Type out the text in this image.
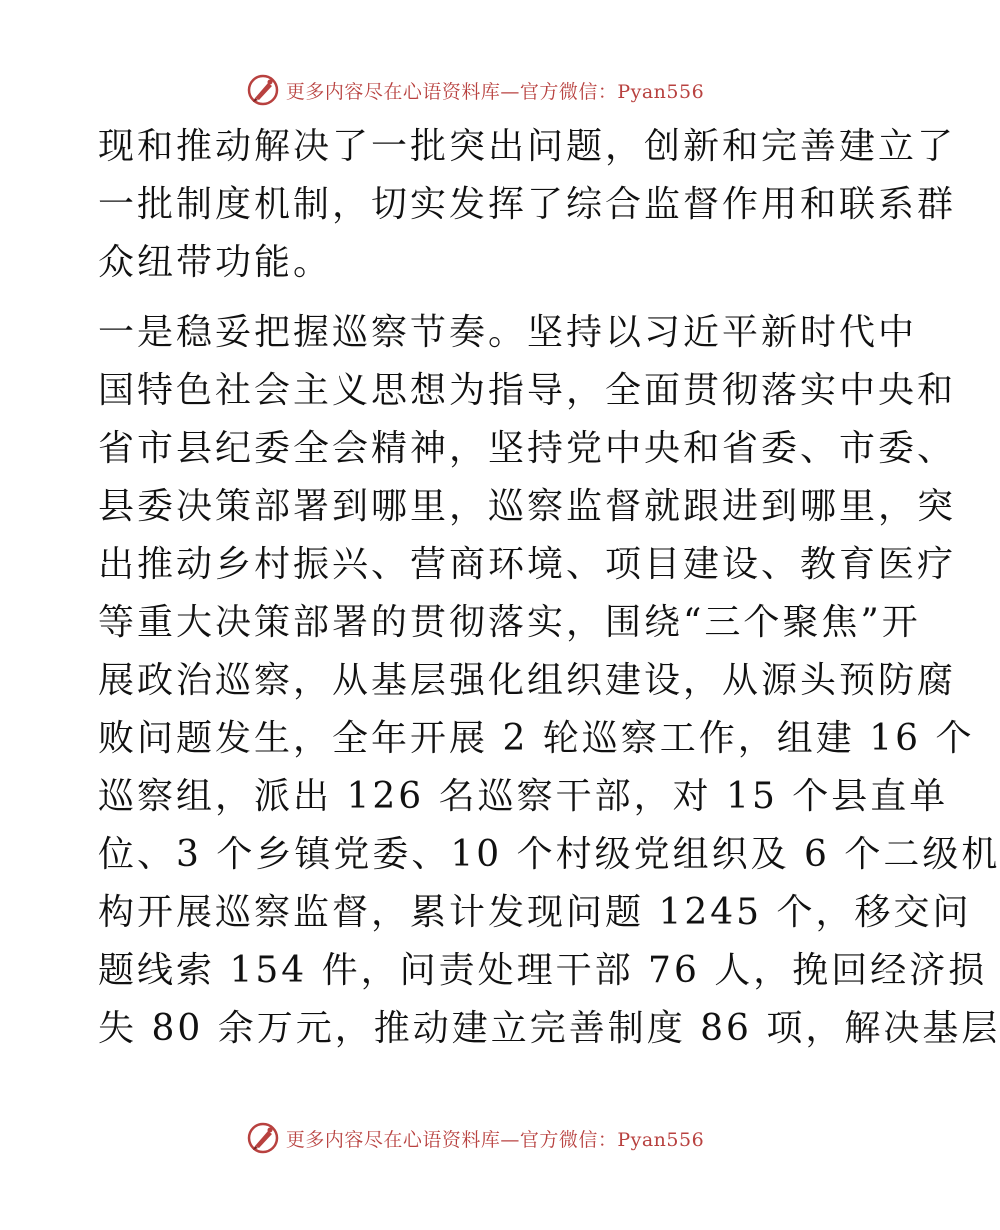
更多内容尽在心语资料库—官方微信：Pyan556
现和推动解决了一批突出问题，创新和完善建立了
一批制度机制，切实发挥了综合监督作用和联系群
众纽带功能。
一是稳妥把握巡察节奏。坚持以习近平新时代中
国特色社会主义思想为指导，全面贯彻落实中央和
省市县纪委全会精神，坚持党中央和省委、市委、
县委决策部署到哪里，巡察监督就跟进到哪里，突
出推动乡村振兴、营商环境、项目建设、教育医疗
等重大决策部署的贯彻落实，围绕“三个聚焦”开
展政治巡察，从基层强化组织建设，从源头预防腐
败问题发生，全年开展 2 轮巡察工作，组建 16 个
巡察组，派出 126 名巡察干部，对 15 个县直单
位、3 个乡镇党委、10 个村级党组织及 6 个二级机
构开展巡察监督，累计发现问题 1245 个，移交问
题线索 154 件，问责处理干部 76 人，挽回经济损
失 80 余万元，推动建立完善制度 86 项，解决基层
更多内容尽在心语资料库—官方微信：Pyan556
